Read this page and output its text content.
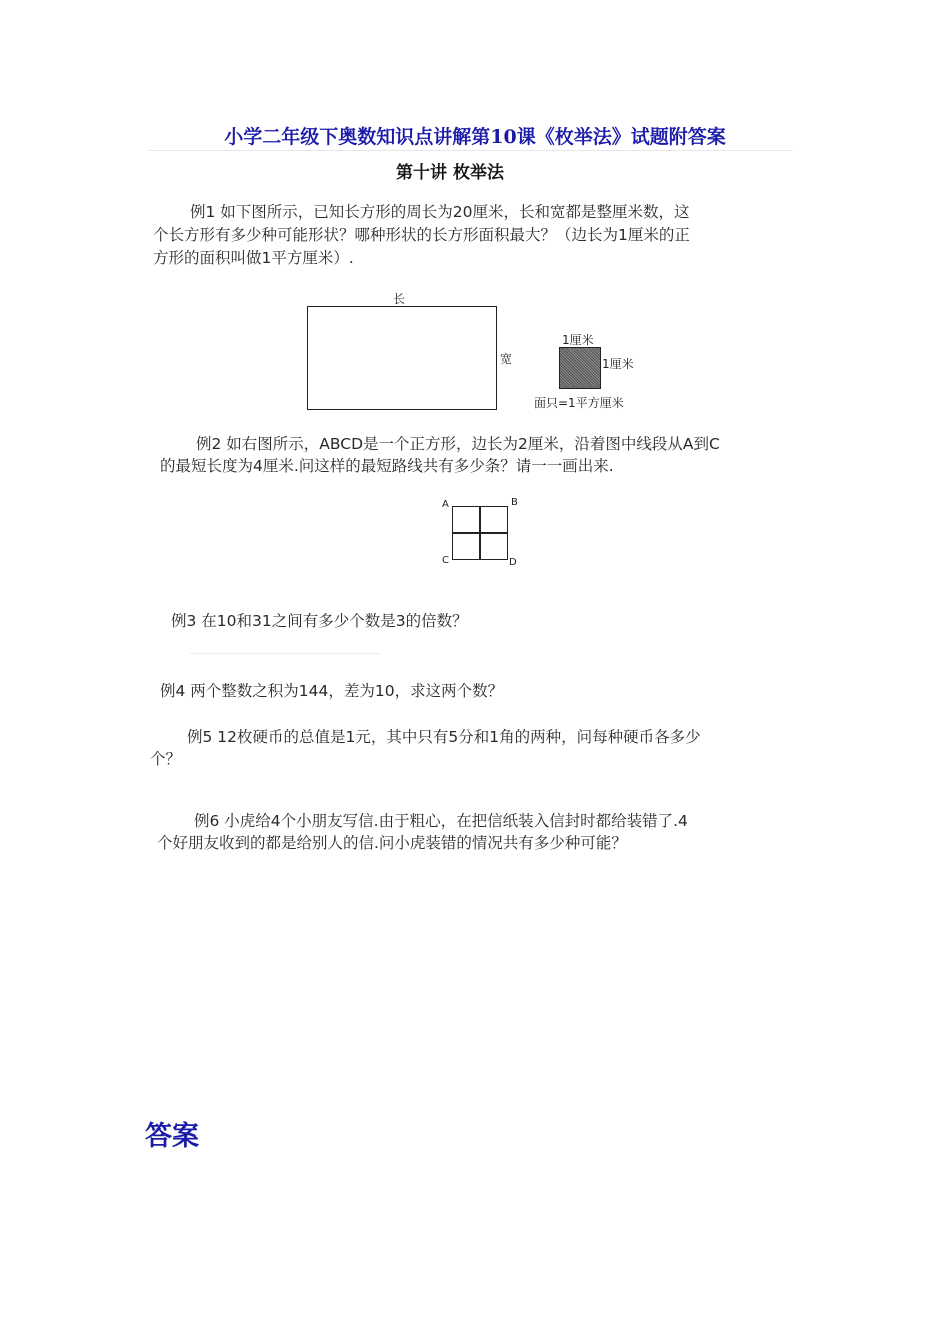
小学二年级下奥数知识点讲解第10课《枚举法》试题附答案
第十讲 枚举法
例1 如下图所示，已知长方形的周长为20厘米，长和宽都是整厘米数，这
个长方形有多少种可能形状？哪种形状的长方形面积最大？（边长为1厘米的正
方形的面积叫做1平方厘米）.
长
宽
1厘米
1厘米
面只=1平方厘米
例2 如右图所示，ABCD是一个正方形，边长为2厘米，沿着图中线段从A到C
的最短长度为4厘米.问这样的最短路线共有多少条？请一一画出来.
A	B
C	D
例3 在10和31之间有多少个数是3的倍数？
例4 两个整数之积为144，差为10，求这两个数？
例5 12枚硬币的总值是1元，其中只有5分和1角的两种，问每种硬币各多少
个？
例6 小虎给4个小朋友写信.由于粗心，在把信纸装入信封时都给装错了.4
个好朋友收到的都是给别人的信.问小虎装错的情况共有多少种可能？
答案
